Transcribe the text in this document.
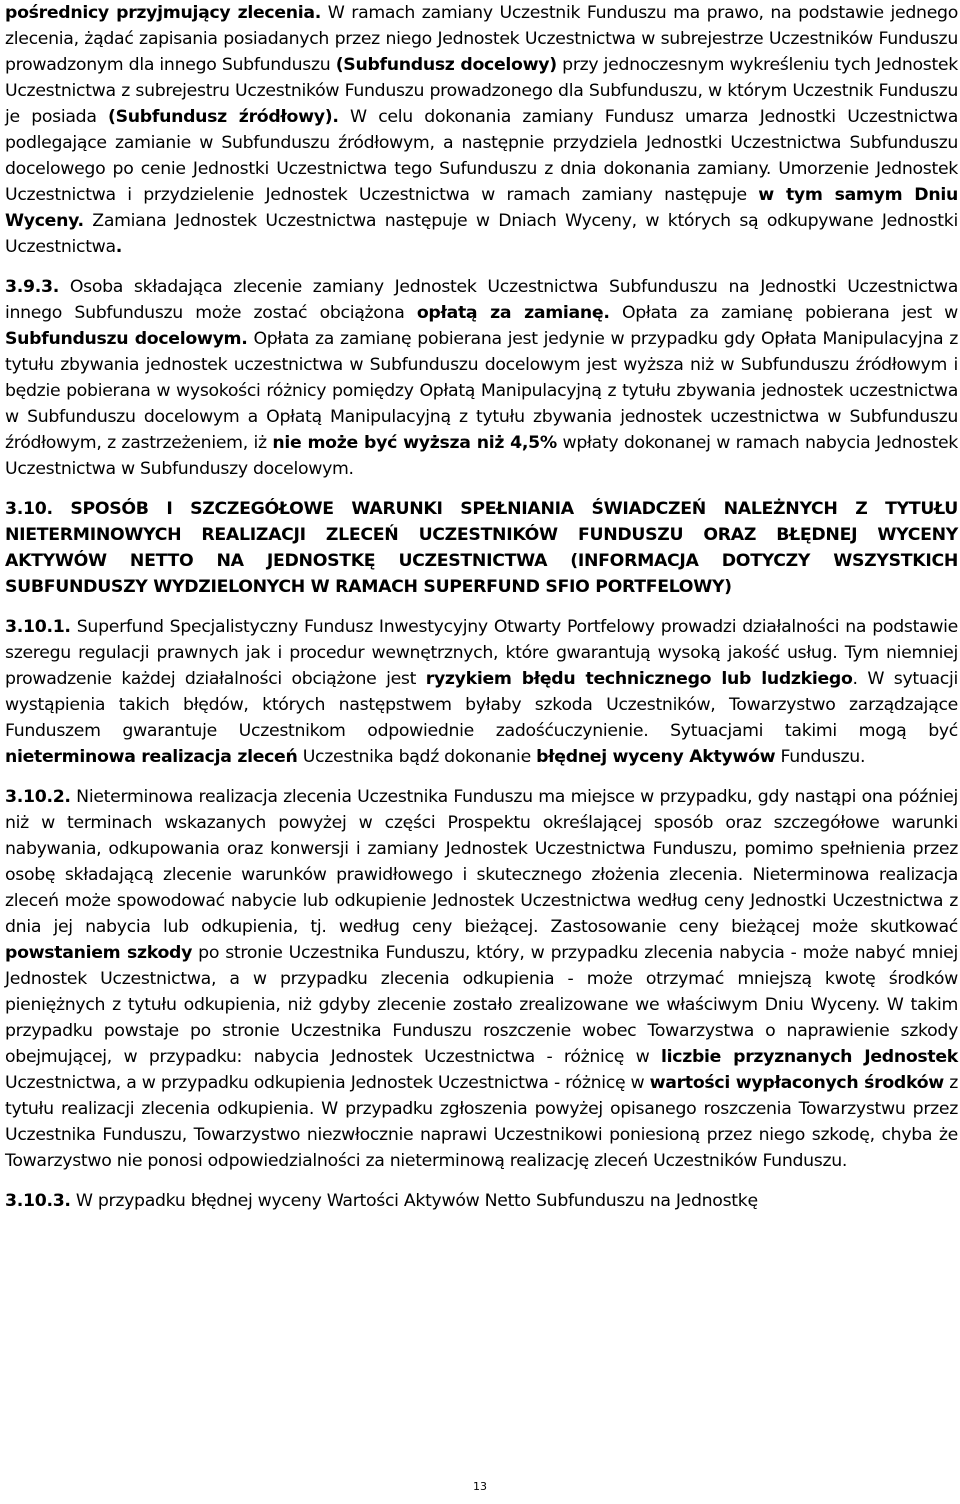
pośrednicy przyjmujący zlecenia. W ramach zamiany Uczestnik Funduszu ma prawo, na podstawie jednego zlecenia, żądać zapisania posiadanych przez niego Jednostek Uczestnictwa w subrejestrze Uczestników Funduszu prowadzonym dla innego Subfunduszu (Subfundusz docelowy) przy jednoczesnym wykreśleniu tych Jednostek Uczestnictwa z subrejestru Uczestników Funduszu prowadzonego dla Subfunduszu, w którym Uczestnik Funduszu je posiada (Subfundusz źródłowy). W celu dokonania zamiany Fundusz umarza Jednostki Uczestnictwa podlegające zamianie w Subfunduszu źródłowym, a następnie przydziela Jednostki Uczestnictwa Subfunduszu docelowego po cenie Jednostki Uczestnictwa tego Sufunduszu z dnia dokonania zamiany. Umorzenie Jednostek Uczestnictwa i przydzielenie Jednostek Uczestnictwa w ramach zamiany następuje w tym samym Dniu Wyceny. Zamiana Jednostek Uczestnictwa następuje w Dniach Wyceny, w których są odkupywane Jednostki Uczestnictwa.

3.9.3. Osoba składająca zlecenie zamiany Jednostek Uczestnictwa Subfunduszu na Jednostki Uczestnictwa innego Subfunduszu może zostać obciążona opłatą za zamianę. Opłata za zamianę pobierana jest w Subfunduszu docelowym. Opłata za zamianę pobierana jest jedynie w przypadku gdy Opłata Manipulacyjna z tytułu zbywania jednostek uczestnictwa w Subfunduszu docelowym jest wyższa niż w Subfunduszu źródłowym i będzie pobierana w wysokości różnicy pomiędzy Opłatą Manipulacyjną z tytułu zbywania jednostek uczestnictwa w Subfunduszu docelowym a Opłatą Manipulacyjną z tytułu zbywania jednostek uczestnictwa w Subfunduszu źródłowym, z zastrzeżeniem, iż nie może być wyższa niż 4,5% wpłaty dokonanej w ramach nabycia Jednostek Uczestnictwa w Subfunduszy docelowym.

3.10. SPOSÓB I SZCZEGÓŁOWE WARUNKI SPEŁNIANIA ŚWIADCZEŃ NALEŻNYCH Z TYTUŁU NIETERMINOWYCH REALIZACJI ZLECEŃ UCZESTNIKÓW FUNDUSZU ORAZ BŁĘDNEJ WYCENY AKTYWÓW NETTO NA JEDNOSTKĘ UCZESTNICTWA (INFORMACJA DOTYCZY WSZYSTKICH SUBFUNDUSZY WYDZIELONYCH W RAMACH SUPERFUND SFIO PORTFELOWY)

3.10.1. Superfund Specjalistyczny Fundusz Inwestycyjny Otwarty Portfelowy prowadzi działalności na podstawie szeregu regulacji prawnych jak i procedur wewnętrznych, które gwarantują wysoką jakość usług. Tym niemniej prowadzenie każdej działalności obciążone jest ryzykiem błędu technicznego lub ludzkiego. W sytuacji wystąpienia takich błędów, których następstwem byłaby szkoda Uczestników, Towarzystwo zarządzające Funduszem gwarantuje Uczestnikom odpowiednie zadośćuczynienie. Sytuacjami takimi mogą być nieterminowa realizacja zleceń Uczestnika bądź dokonanie błędnej wyceny Aktywów Funduszu.

3.10.2. Nieterminowa realizacja zlecenia Uczestnika Funduszu ma miejsce w przypadku, gdy nastąpi ona później niż w terminach wskazanych powyżej w części Prospektu określającej sposób oraz szczegółowe warunki nabywania, odkupowania oraz konwersji i zamiany Jednostek Uczestnictwa Funduszu, pomimo spełnienia przez osobę składającą zlecenie warunków prawidłowego i skutecznego złożenia zlecenia. Nieterminowa realizacja zleceń może spowodować nabycie lub odkupienie Jednostek Uczestnictwa według ceny Jednostki Uczestnictwa z dnia jej nabycia lub odkupienia, tj. według ceny bieżącej. Zastosowanie ceny bieżącej może skutkować powstaniem szkody po stronie Uczestnika Funduszu, który, w przypadku zlecenia nabycia - może nabyć mniej Jednostek Uczestnictwa, a w przypadku zlecenia odkupienia - może otrzymać mniejszą kwotę środków pieniężnych z tytułu odkupienia, niż gdyby zlecenie zostało zrealizowane we właściwym Dniu Wyceny. W takim przypadku powstaje po stronie Uczestnika Funduszu roszczenie wobec Towarzystwa o naprawienie szkody obejmującej, w przypadku: nabycia Jednostek Uczestnictwa - różnicę w liczbie przyznanych Jednostek Uczestnictwa, a w przypadku odkupienia Jednostek Uczestnictwa - różnicę w wartości wypłaconych środków z tytułu realizacji zlecenia odkupienia. W przypadku zgłoszenia powyżej opisanego roszczenia Towarzystwu przez Uczestnika Funduszu, Towarzystwo niezwłocznie naprawi Uczestnikowi poniesioną przez niego szkodę, chyba że Towarzystwo nie ponosi odpowiedzialności za nieterminową realizację zleceń Uczestników Funduszu.

3.10.3. W przypadku błędnej wyceny Wartości Aktywów Netto Subfunduszu na Jednostkę

13
